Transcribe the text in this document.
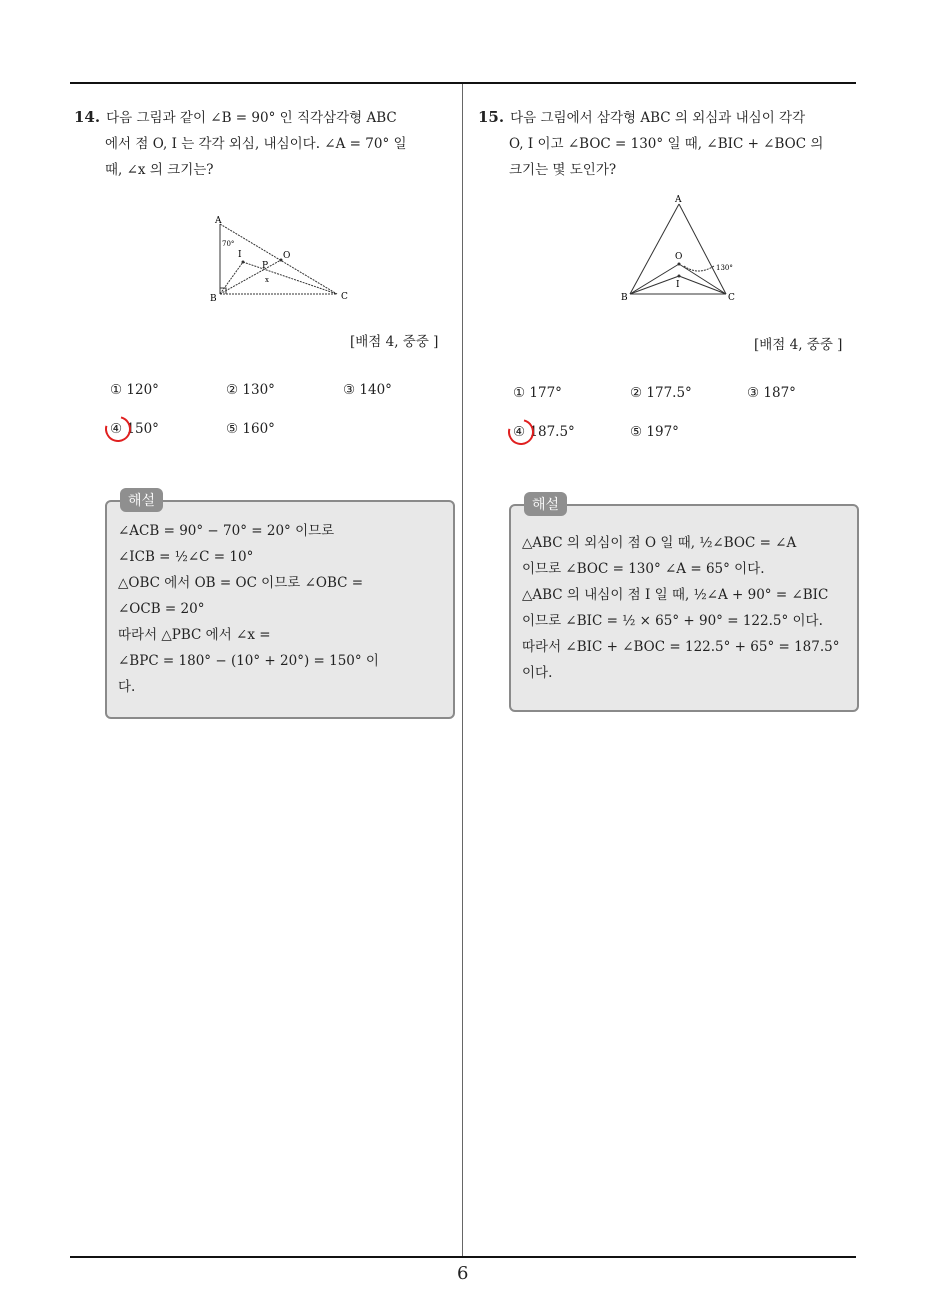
14. 다음 그림과 같이 ∠B = 90° 인 직각삼각형 ABC
에서 점 O, I 는 각각 외심, 내심이다. ∠A = 70° 일
때, ∠x 의 크기는?
A
B	C
I	O
P
x
70°
[배점 4, 중중 ]
① 120°	② 130°	③ 140°
④ 150°	⑤ 160°
해설
∠ACB = 90° − 70° = 20° 이므로
∠ICB = ½∠C = 10°
△OBC 에서 OB = OC 이므로 ∠OBC =
∠OCB = 20°
따라서 △PBC 에서 ∠x =
∠BPC = 180° − (10° + 20°) = 150° 이
다.
15. 다음 그림에서 삼각형 ABC 의 외심과 내심이 각각
O, I 이고 ∠BOC = 130° 일 때, ∠BIC + ∠BOC 의
크기는 몇 도인가?
A
B	C
O
I
130°
[배점 4, 중중 ]
① 177°	② 177.5°	③ 187°
④ 187.5°	⑤ 197°
해설
△ABC 의 외심이 점 O 일 때, ½∠BOC = ∠A
이므로 ∠BOC = 130° ∠A = 65° 이다.
△ABC 의 내심이 점 I 일 때, ½∠A + 90° = ∠BIC
이므로 ∠BIC = ½ × 65° + 90° = 122.5° 이다.
따라서 ∠BIC + ∠BOC = 122.5° + 65° = 187.5°
이다.
6
